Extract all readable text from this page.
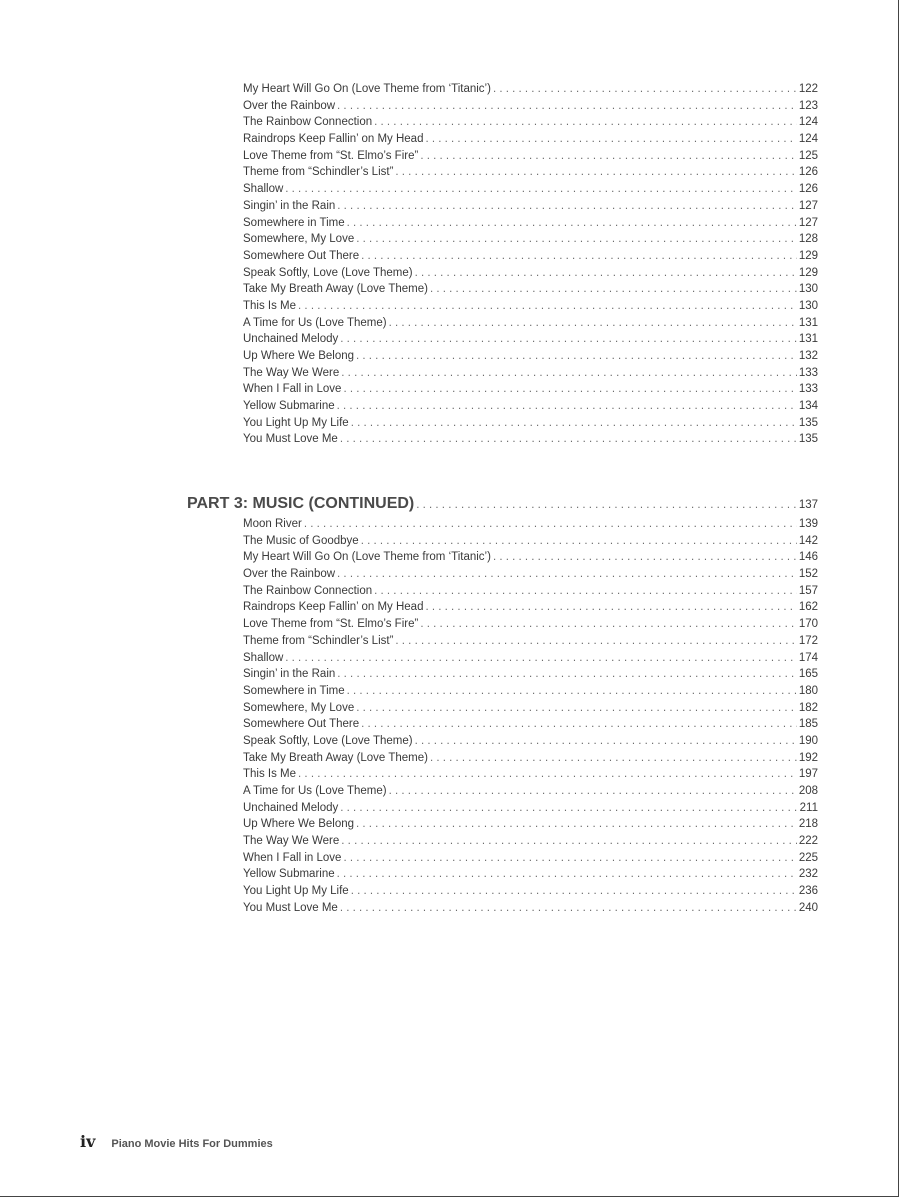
My Heart Will Go On (Love Theme from ‘Titanic’) . . .	122
Over the Rainbow . . .	123
The Rainbow Connection . . .	124
Raindrops Keep Fallin’ on My Head . . .	124
Love Theme from “St. Elmo’s Fire” . . .	125
Theme from “Schindler’s List” . . .	126
Shallow . . .	126
Singin’ in the Rain . . .	127
Somewhere in Time . . .	127
Somewhere, My Love . . .	128
Somewhere Out There . . .	129
Speak Softly, Love (Love Theme) . . .	129
Take My Breath Away (Love Theme) . . .	130
This Is Me . . .	130
A Time for Us (Love Theme) . . .	131
Unchained Melody . . .	131
Up Where We Belong . . .	132
The Way We Were . . .	133
When I Fall in Love . . .	133
Yellow Submarine . . .	134
You Light Up My Life . . .	135
You Must Love Me . . .	135
PART 3: MUSIC (CONTINUED) . . .	137
Moon River . . .	139
The Music of Goodbye . . .	142
My Heart Will Go On (Love Theme from ‘Titanic’) . . .	146
Over the Rainbow . . .	152
The Rainbow Connection . . .	157
Raindrops Keep Fallin’ on My Head . . .	162
Love Theme from “St. Elmo’s Fire” . . .	170
Theme from “Schindler’s List” . . .	172
Shallow . . .	174
Singin’ in the Rain . . .	165
Somewhere in Time . . .	180
Somewhere, My Love . . .	182
Somewhere Out There . . .	185
Speak Softly, Love (Love Theme) . . .	190
Take My Breath Away (Love Theme) . . .	192
This Is Me . . .	197
A Time for Us (Love Theme) . . .	208
Unchained Melody . . .	211
Up Where We Belong . . .	218
The Way We Were . . .	222
When I Fall in Love . . .	225
Yellow Submarine . . .	232
You Light Up My Life . . .	236
You Must Love Me . . .	240
iv Piano Movie Hits For Dummies
